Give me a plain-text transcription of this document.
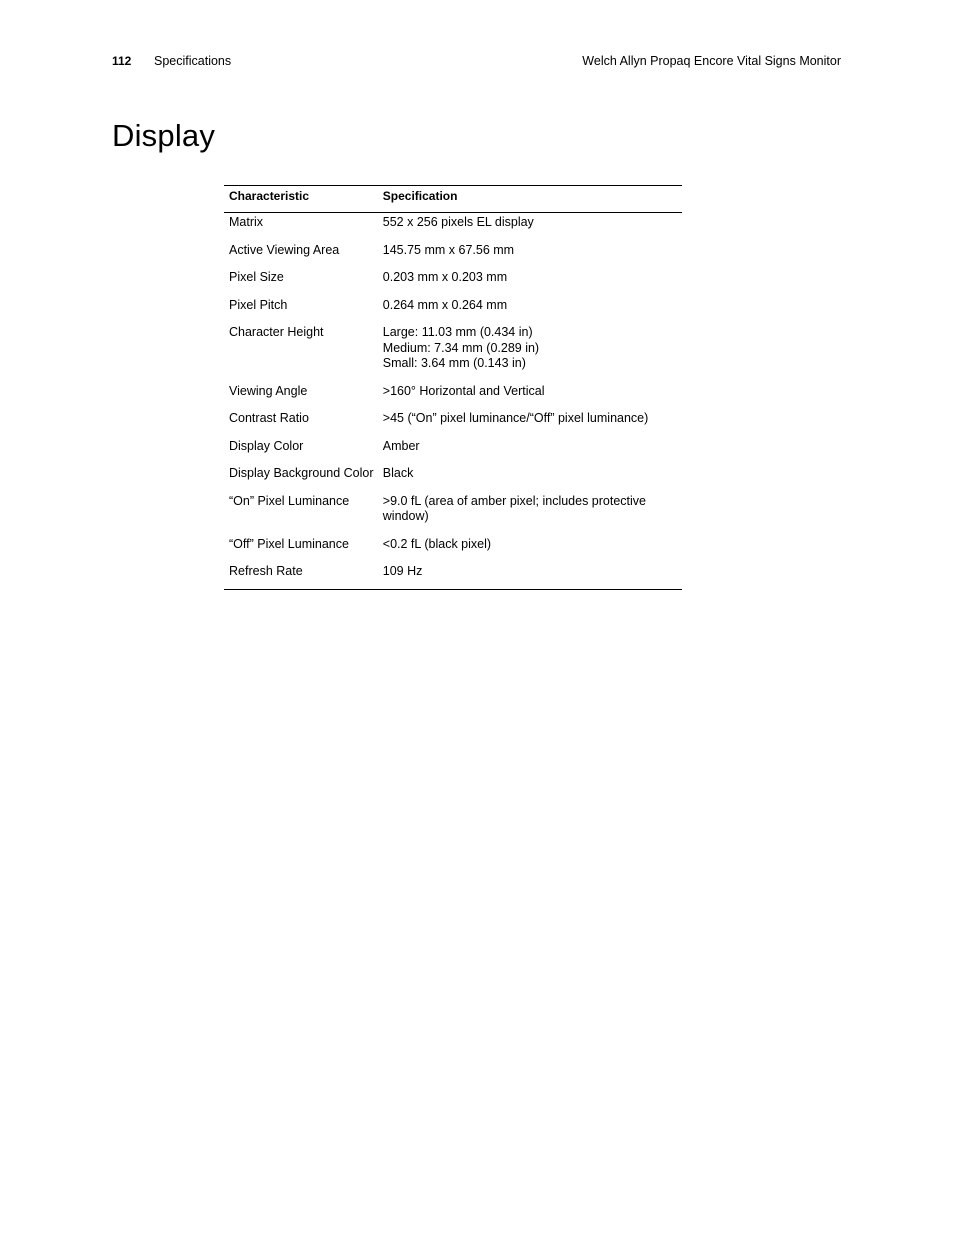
112 Specifications	Welch Allyn Propaq Encore Vital Signs Monitor
Display
Characteristic	Specification
Matrix	552 x 256 pixels EL display

Active Viewing Area	145.75 mm x 67.56 mm

Pixel Size	0.203 mm x 0.203 mm

Pixel Pitch	0.264 mm x 0.264 mm

Character Height	Large: 11.03 mm (0.434 in)
Medium: 7.34 mm (0.289 in)
Small: 3.64 mm (0.143 in)

Viewing Angle	>160° Horizontal and Vertical

Contrast Ratio	>45 (“On” pixel luminance/“Off” pixel luminance)

Display Color	Amber

Display Background Color	Black

“On” Pixel Luminance	>9.0 fL (area of amber pixel; includes protective window)

“Off” Pixel Luminance	<0.2 fL (black pixel)

Refresh Rate	109 Hz
